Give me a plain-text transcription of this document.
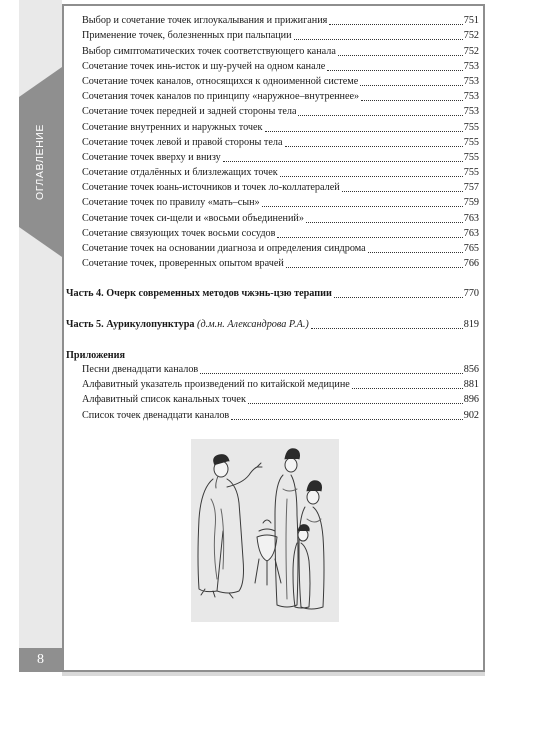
ОГЛАВЛЕНИЕ
8
Выбор и сочетание точек иглоукалывания и прижигания	751
Применение точек, болезненных при пальпации	752
Выбор симптоматических точек соответствующего канала	752
Сочетание точек инь-исток и шу-ручей на одном канале	753
Сочетание точек каналов, относящихся к одноименной системе	753
Сочетания точек каналов по принципу «наружное–внутреннее»	753
Сочетание точек передней и задней стороны тела	753
Сочетание внутренних и наружных точек	755
Сочетание точек левой и правой стороны тела	755
Сочетание точек вверху и внизу	755
Сочетание отдалённых и близлежащих точек	755
Сочетание точек юань-источников и точек ло-коллатералей	757
Сочетание точек по правилу «мать–сын»	759
Сочетание точек си-щели и «восьми объединений»	763
Сочетание связующих точек восьми сосудов	763
Сочетание точек на основании диагноза и определения синдрома	765
Сочетание точек, проверенных опытом врачей	766
Часть 4. Очерк современных методов чжэнь-цзю терапии	770
Часть 5. Аурикулопунктура (д.м.н. Александрова Р.А.)	819
Приложения
Песни двенадцати каналов	856
Алфавитный указатель произведений по китайской медицине	881
Алфавитный список канальных точек	896
Список точек двенадцати каналов	902
